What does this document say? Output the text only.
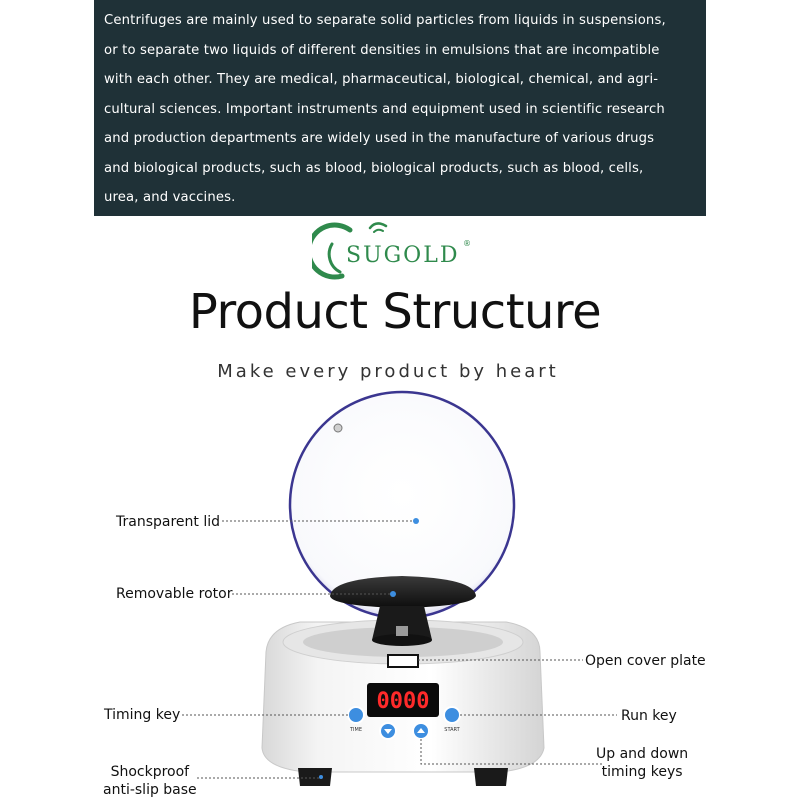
Centrifuges are mainly used to separate solid particles from liquids in suspensions,
or to separate two liquids of different densities in emulsions that are incompatible
with each other. They are medical, pharmaceutical, biological, chemical, and agri-
cultural sciences. Important instruments and equipment used in scientific research
and production departments are widely used in the manufacture of various drugs
and biological products, such as blood, biological products, such as blood, cells,
urea, and vaccines.
SUGOLD ®
Product Structure
Make every product by heart
0000
TIME	START
Transparent lid
Removable rotor
Timing key
Shockproof
anti-slip base
Open cover plate
Run key
Up and down
timing keys
